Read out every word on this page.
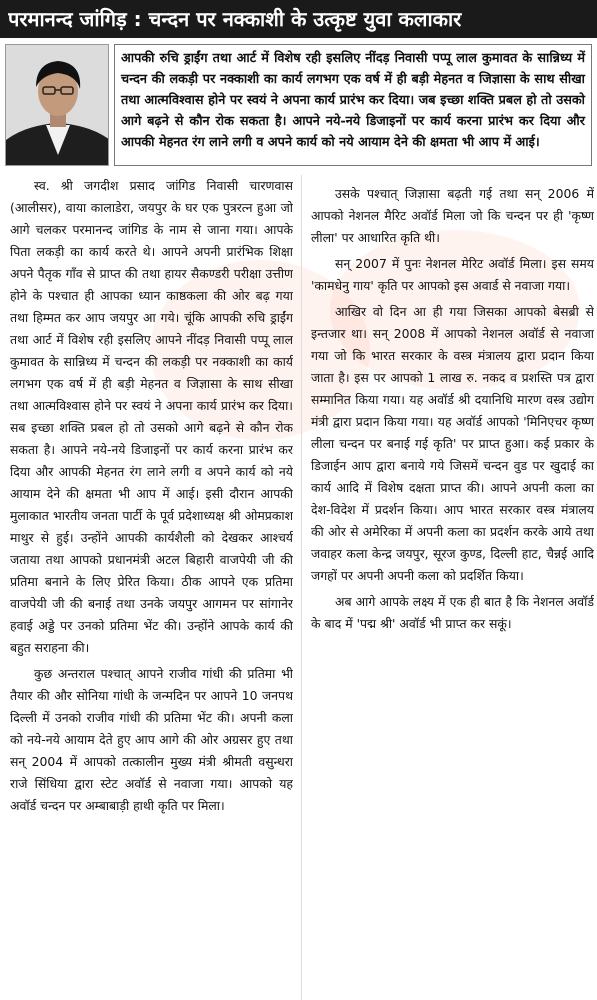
परमानन्द जांगिड़ : चन्दन पर नक्काशी के उत्कृष्ट युवा कलाकार

आपकी रुचि ड्राईंग तथा आर्ट में विशेष रही इसलिए नींदड़ निवासी पप्पू लाल कुमावत के सान्निध्य में चन्दन की लकड़ी पर नक्काशी का कार्य लगभग एक वर्ष में ही बड़ी मेहनत व जिज्ञासा के साथ सीखा तथा आत्मविश्वास होने पर स्वयं ने अपना कार्य प्रारंभ कर दिया। जब इच्छा शक्ति प्रबल हो तो उसको आगे बढ़ने से कौन रोक सकता है। आपने नये-नये डिजाइनों पर कार्य करना प्रारंभ कर दिया और आपकी मेहनत रंग लाने लगी व अपने कार्य को नये आयाम देने की क्षमता भी आप में आई।

स्व. श्री जगदीश प्रसाद जांगिड निवासी चारणवास (आलीसर), वाया कालाडेरा, जयपुर के घर एक पुत्ररत्न हुआ जो आगे चलकर परमानन्द जांगिड के नाम से जाना गया। आपके पिता लकड़ी का कार्य करते थे। आपने अपनी प्रारंभिक शिक्षा अपने पैतृक गाँव से प्राप्त की तथा हायर सैकण्डरी परीक्षा उत्तीण होने के पश्चात ही आपका ध्यान काष्ठकला की ओर बढ़ गया तथा हिम्मत कर आप जयपुर आ गये। चूंकि आपकी रुचि ड्राईंग तथा आर्ट में विशेष रही इसलिए आपने नींदड़ निवासी पप्पू लाल कुमावत के सान्निध्य में चन्दन की लकड़ी पर नक्काशी का कार्य लगभग एक वर्ष में ही बड़ी मेहनत व जिज्ञासा के साथ सीखा तथा आत्मविश्वास होने पर स्वयं ने अपना कार्य प्रारंभ कर दिया। सब इच्छा शक्ति प्रबल हो तो उसको आगे बढ़ने से कौन रोक सकता है। आपने नये-नये डिजाइनों पर कार्य करना प्रारंभ कर दिया और आपकी मेहनत रंग लाने लगी व अपने कार्य को नये आयाम देने की क्षमता भी आप में आई। इसी दौरान आपकी मुलाकात भारतीय जनता पार्टी के पूर्व प्रदेशाध्यक्ष श्री ओमप्रकाश माथुर से हुई। उन्होंने आपकी कार्यशैली को देखकर आश्चर्य जताया तथा आपको प्रधानमंत्री अटल बिहारी वाजपेयी जी की प्रतिमा बनाने के लिए प्रेरित किया। ठीक आपने एक प्रतिमा वाजपेयी जी की बनाई तथा उनके जयपुर आगमन पर सांगानेर हवाई अड्डे पर उनको प्रतिमा भेंट की। उन्होंने आपके कार्य की बहुत सराहना की।

कुछ अन्तराल पश्चात् आपने राजीव गांधी की प्रतिमा भी तैयार की और सोनिया गांधी के जन्मदिन पर आपने 10 जनपथ दिल्ली में उनको राजीव गांधी की प्रतिमा भेंट की। अपनी कला को नये-नये आयाम देते हुए आप आगे की ओर अग्रसर हुए तथा सन् 2004 में आपको तत्कालीन मुख्य मंत्री श्रीमती वसुन्धरा राजे सिंधिया द्वारा स्टेट अवॉर्ड से नवाजा गया। आपको यह अवॉर्ड चन्दन पर अम्बाबाड़ी हाथी कृति पर मिला।

उसके पश्चात् जिज्ञासा बढ़ती गई तथा सन् 2006 में आपको नेशनल मैरिट अवॉर्ड मिला जो कि चन्दन पर ही 'कृष्ण लीला' पर आधारित कृति थी।

सन् 2007 में पुनः नेशनल मेरिट अवॉर्ड मिला। इस समय 'कामधेनु गाय' कृति पर आपको इस अवार्ड से नवाजा गया।

आखिर वो दिन आ ही गया जिसका आपको बेसब्री से इन्तजार था। सन् 2008 में आपको नेशनल अवॉर्ड से नवाजा गया जो कि भारत सरकार के वस्त्र मंत्रालय द्वारा प्रदान किया जाता है। इस पर आपको 1 लाख रु. नकद व प्रशस्ति पत्र द्वारा सम्मानित किया गया। यह अवॉर्ड श्री दयानिधि मारण वस्त्र उद्योग मंत्री द्वारा प्रदान किया गया। यह अवॉर्ड आपको 'मिनिएचर कृष्ण लीला चन्दन पर बनाई गई कृति' पर प्राप्त हुआ। कई प्रकार के डिजाईन आप द्वारा बनाये गये जिसमें चन्दन वुड पर खुदाई का कार्य आदि में विशेष दक्षता प्राप्त की। आपने अपनी कला का देश-विदेश में प्रदर्शन किया। आप भारत सरकार वस्त्र मंत्रालय की ओर से अमेरिका में अपनी कला का प्रदर्शन करके आये तथा जवाहर कला केन्द्र जयपुर, सूरज कुण्ड, दिल्ली हाट, चैन्नई आदि जगहों पर अपनी अपनी कला को प्रदर्शित किया।

अब आगे आपके लक्ष्य में एक ही बात है कि नेशनल अवॉर्ड के बाद में 'पद्म श्री' अवॉर्ड भी प्राप्त कर सकूं।
